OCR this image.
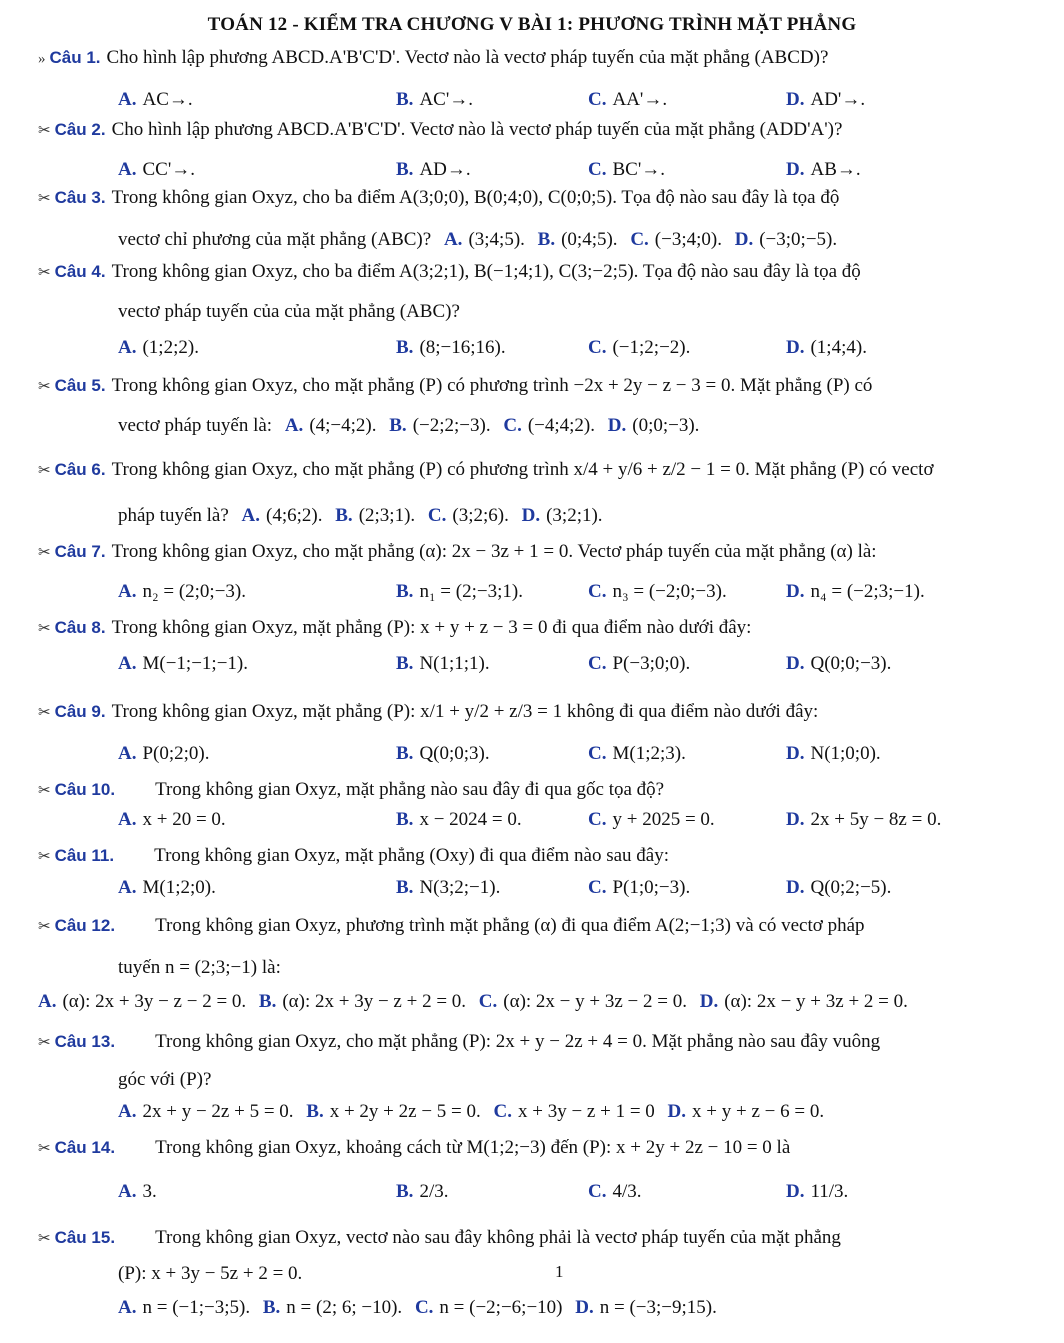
TOÁN 12 - KIỂM TRA CHƯƠNG V BÀI 1: PHƯƠNG TRÌNH MẶT PHẲNG
» Câu 1. Cho hình lập phương ABCD.A'B'C'D'. Vectơ nào là vectơ pháp tuyến của mặt phẳng (ABCD)?
A. AC→.	B. AC'→.	C. AA'→.	D. AD'→.
✂ Câu 2. Cho hình lập phương ABCD.A'B'C'D'. Vectơ nào là vectơ pháp tuyến của mặt phẳng (ADD'A')?
A. CC'→.	B. AD→.	C. BC'→.	D. AB→.
✂ Câu 3. Trong không gian Oxyz, cho ba điểm A(3;0;0), B(0;4;0), C(0;0;5). Tọa độ nào sau đây là tọa độ
vectơ chỉ phương của mặt phẳng (ABC)? A. (3;4;5). B. (0;4;5). C. (−3;4;0). D. (−3;0;−5).
✂ Câu 4. Trong không gian Oxyz, cho ba điểm A(3;2;1), B(−1;4;1), C(3;−2;5). Tọa độ nào sau đây là tọa độ
vectơ pháp tuyến của của mặt phẳng (ABC)?
A. (1;2;2).	B. (8;−16;16).	C. (−1;2;−2).	D. (1;4;4).
✂ Câu 5. Trong không gian Oxyz, cho mặt phẳng (P) có phương trình −2x + 2y − z − 3 = 0. Mặt phẳng (P) có
vectơ pháp tuyến là: A. (4;−4;2). B. (−2;2;−3). C. (−4;4;2). D. (0;0;−3).
✂ Câu 6. Trong không gian Oxyz, cho mặt phẳng (P) có phương trình x/4 + y/6 + z/2 − 1 = 0. Mặt phẳng (P) có vectơ
pháp tuyến là? A. (4;6;2). B. (2;3;1). C. (3;2;6). D. (3;2;1).
✂ Câu 7. Trong không gian Oxyz, cho mặt phẳng (α): 2x − 3z + 1 = 0. Vectơ pháp tuyến của mặt phẳng (α) là:
A. n₂ = (2;0;−3).	B. n₁ = (2;−3;1).	C. n₃ = (−2;0;−3).	D. n₄ = (−2;3;−1).
✂ Câu 8. Trong không gian Oxyz, mặt phẳng (P): x + y + z − 3 = 0 đi qua điểm nào dưới đây:
A. M(−1;−1;−1).	B. N(1;1;1).	C. P(−3;0;0).	D. Q(0;0;−3).
✂ Câu 9. Trong không gian Oxyz, mặt phẳng (P): x/1 + y/2 + z/3 = 1 không đi qua điểm nào dưới đây:
A. P(0;2;0).	B. Q(0;0;3).	C. M(1;2;3).	D. N(1;0;0).
✂ Câu 10. Trong không gian Oxyz, mặt phẳng nào sau đây đi qua gốc tọa độ?
A. x + 20 = 0.	B. x − 2024 = 0.	C. y + 2025 = 0.	D. 2x + 5y − 8z = 0.
✂ Câu 11. Trong không gian Oxyz, mặt phẳng (Oxy) đi qua điểm nào sau đây:
A. M(1;2;0).	B. N(3;2;−1).	C. P(1;0;−3).	D. Q(0;2;−5).
✂ Câu 12. Trong không gian Oxyz, phương trình mặt phẳng (α) đi qua điểm A(2;−1;3) và có vectơ pháp
tuyến n = (2;3;−1) là:
A. (α): 2x + 3y − z − 2 = 0. B. (α): 2x + 3y − z + 2 = 0. C. (α): 2x − y + 3z − 2 = 0. D. (α): 2x − y + 3z + 2 = 0.
✂ Câu 13. Trong không gian Oxyz, cho mặt phẳng (P): 2x + y − 2z + 4 = 0. Mặt phẳng nào sau đây vuông
góc với (P)?
A. 2x + y − 2z + 5 = 0. B. x + 2y + 2z − 5 = 0. C. x + 3y − z + 1 = 0 D. x + y + z − 6 = 0.
✂ Câu 14. Trong không gian Oxyz, khoảng cách từ M(1;2;−3) đến (P): x + 2y + 2z − 10 = 0 là
A. 3.	B. 2/3.	C. 4/3.	D. 11/3.
✂ Câu 15. Trong không gian Oxyz, vectơ nào sau đây không phải là vectơ pháp tuyến của mặt phẳng
(P): x + 3y − 5z + 2 = 0.	1
A. n = (−1;−3;5). B. n = (2; 6; −10). C. n = (−2;−6;−10) D. n = (−3;−9;15).
